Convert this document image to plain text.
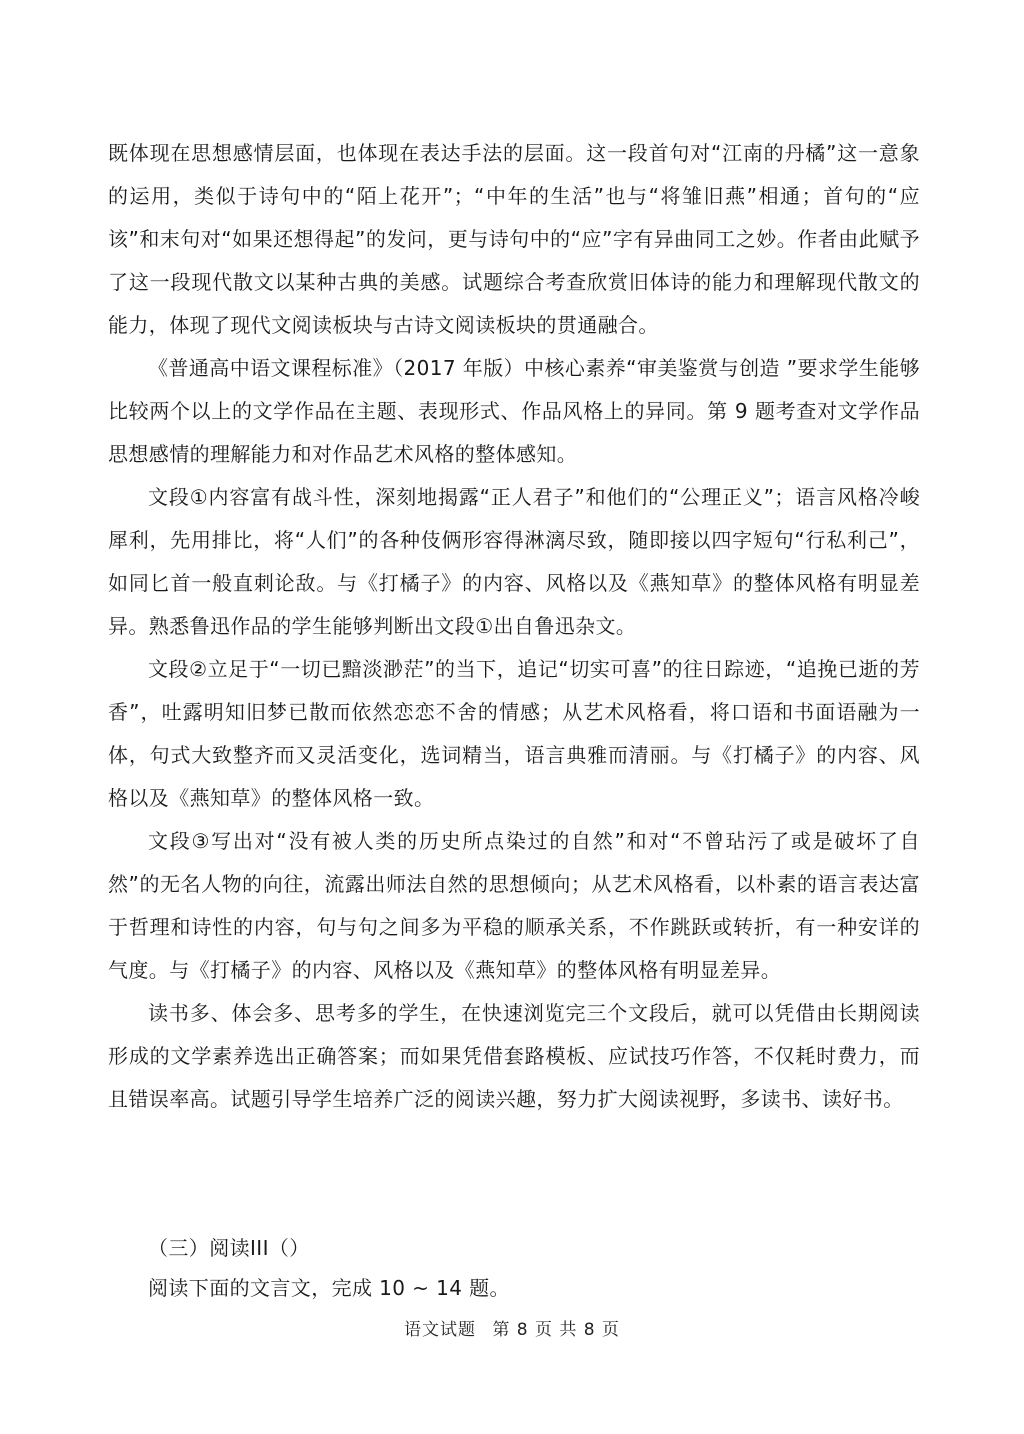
既体现在思想感情层面，也体现在表达手法的层面。这一段首句对“江南的丹橘”这一意象的运用，类似于诗句中的“陌上花开”；“中年的生活”也与“将雏旧燕”相通；首句的“应该”和末句对“如果还想得起”的发问，更与诗句中的“应”字有异曲同工之妙。作者由此赋予了这一段现代散文以某种古典的美感。试题综合考查欣赏旧体诗的能力和理解现代散文的能力，体现了现代文阅读板块与古诗文阅读板块的贯通融合。

《普通高中语文课程标准》（2017 年版）中核心素养“审美鉴赏与创造 ”要求学生能够比较两个以上的文学作品在主题、表现形式、作品风格上的异同。第 9 题考查对文学作品思想感情的理解能力和对作品艺术风格的整体感知。

文段①内容富有战斗性，深刻地揭露“正人君子”和他们的“公理正义”；语言风格冷峻犀利，先用排比，将“人们”的各种伎俩形容得淋漓尽致，随即接以四字短句“行私利己”，如同匕首一般直刺论敌。与《打橘子》的内容、风格以及《燕知草》的整体风格有明显差异。熟悉鲁迅作品的学生能够判断出文段①出自鲁迅杂文。

文段②立足于“一切已黯淡渺茫”的当下，追记“切实可喜”的往日踪迹，“追挽已逝的芳香”，吐露明知旧梦已散而依然恋恋不舍的情感；从艺术风格看，将口语和书面语融为一体，句式大致整齐而又灵活变化，选词精当，语言典雅而清丽。与《打橘子》的内容、风格以及《燕知草》的整体风格一致。

文段③写出对“没有被人类的历史所点染过的自然”和对“不曾玷污了或是破坏了自然”的无名人物的向往，流露出师法自然的思想倾向；从艺术风格看，以朴素的语言表达富于哲理和诗性的内容，句与句之间多为平稳的顺承关系，不作跳跃或转折，有一种安详的气度。与《打橘子》的内容、风格以及《燕知草》的整体风格有明显差异。

读书多、体会多、思考多的学生，在快速浏览完三个文段后，就可以凭借由长期阅读形成的文学素养选出正确答案；而如果凭借套路模板、应试技巧作答，不仅耗时费力，而且错误率高。试题引导学生培养广泛的阅读兴趣，努力扩大阅读视野，多读书、读好书。

（三）阅读III（）

阅读下面的文言文，完成 10 ~ 14 题。

语文试题 第 8 页 共 8 页
